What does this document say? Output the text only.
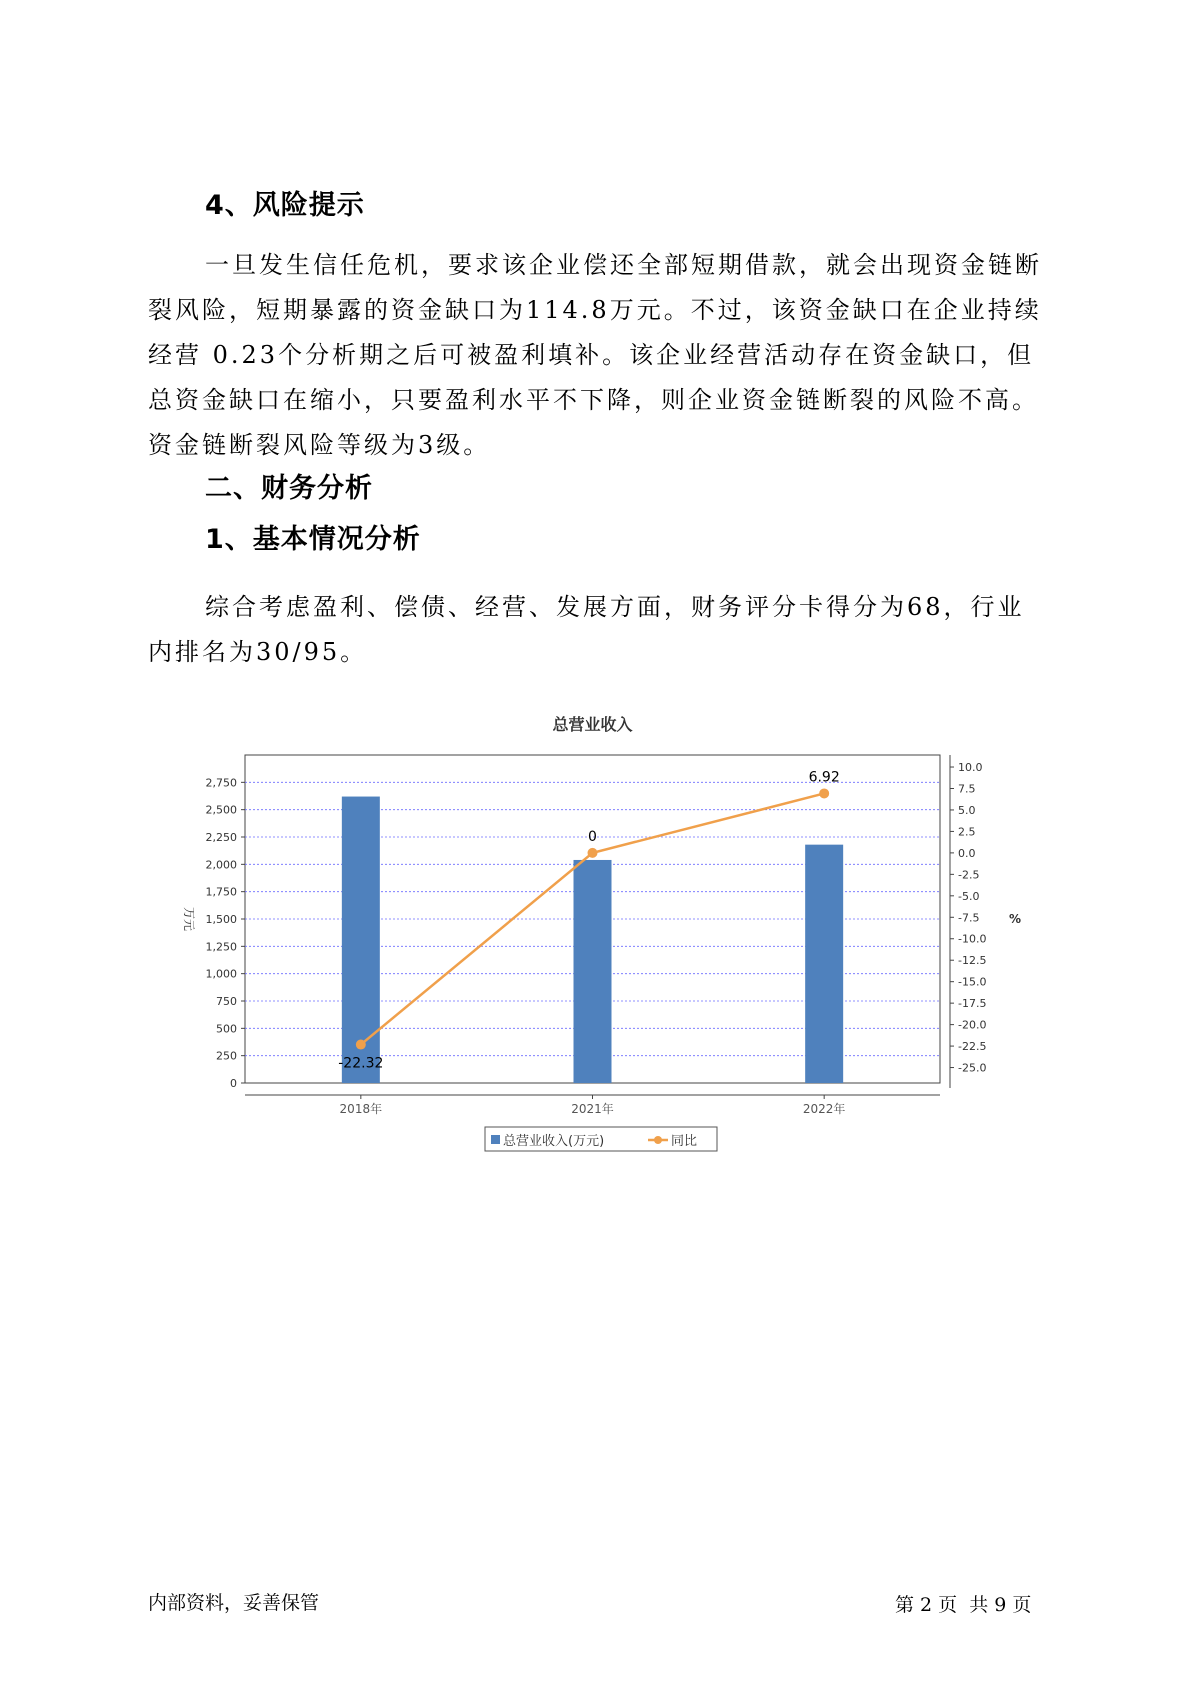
4、风险提示
一旦发生信任危机，要求该企业偿还全部短期借款，就会出现资金链断裂风险，短期暴露的资金缺口为114.8万元。不过，该资金缺口在企业持续经营 0.23个分析期之后可被盈利填补。该企业经营活动存在资金缺口，但总资金缺口在缩小，只要盈利水平不下降，则企业资金链断裂的风险不高。资金链断裂风险等级为3级。
二、财务分析
1、基本情况分析
综合考虑盈利、偿债、经营、发展方面，财务评分卡得分为68，行业内排名为30/95。
总营业收入
0
250
500
750
1,000
1,250
1,500
1,750
2,000
2,250
2,500
2,750
万元
10.0
7.5
5.0
2.5
0.0
-2.5
-5.0
-7.5
-10.0
-12.5
-15.0
-17.5
-20.0
-22.5
-25.0
%
2018年	2021年	2022年
-22.32
0
6.92
总营业收入(万元)	同比
内部资料，妥善保管	第 2 页  共 9 页
